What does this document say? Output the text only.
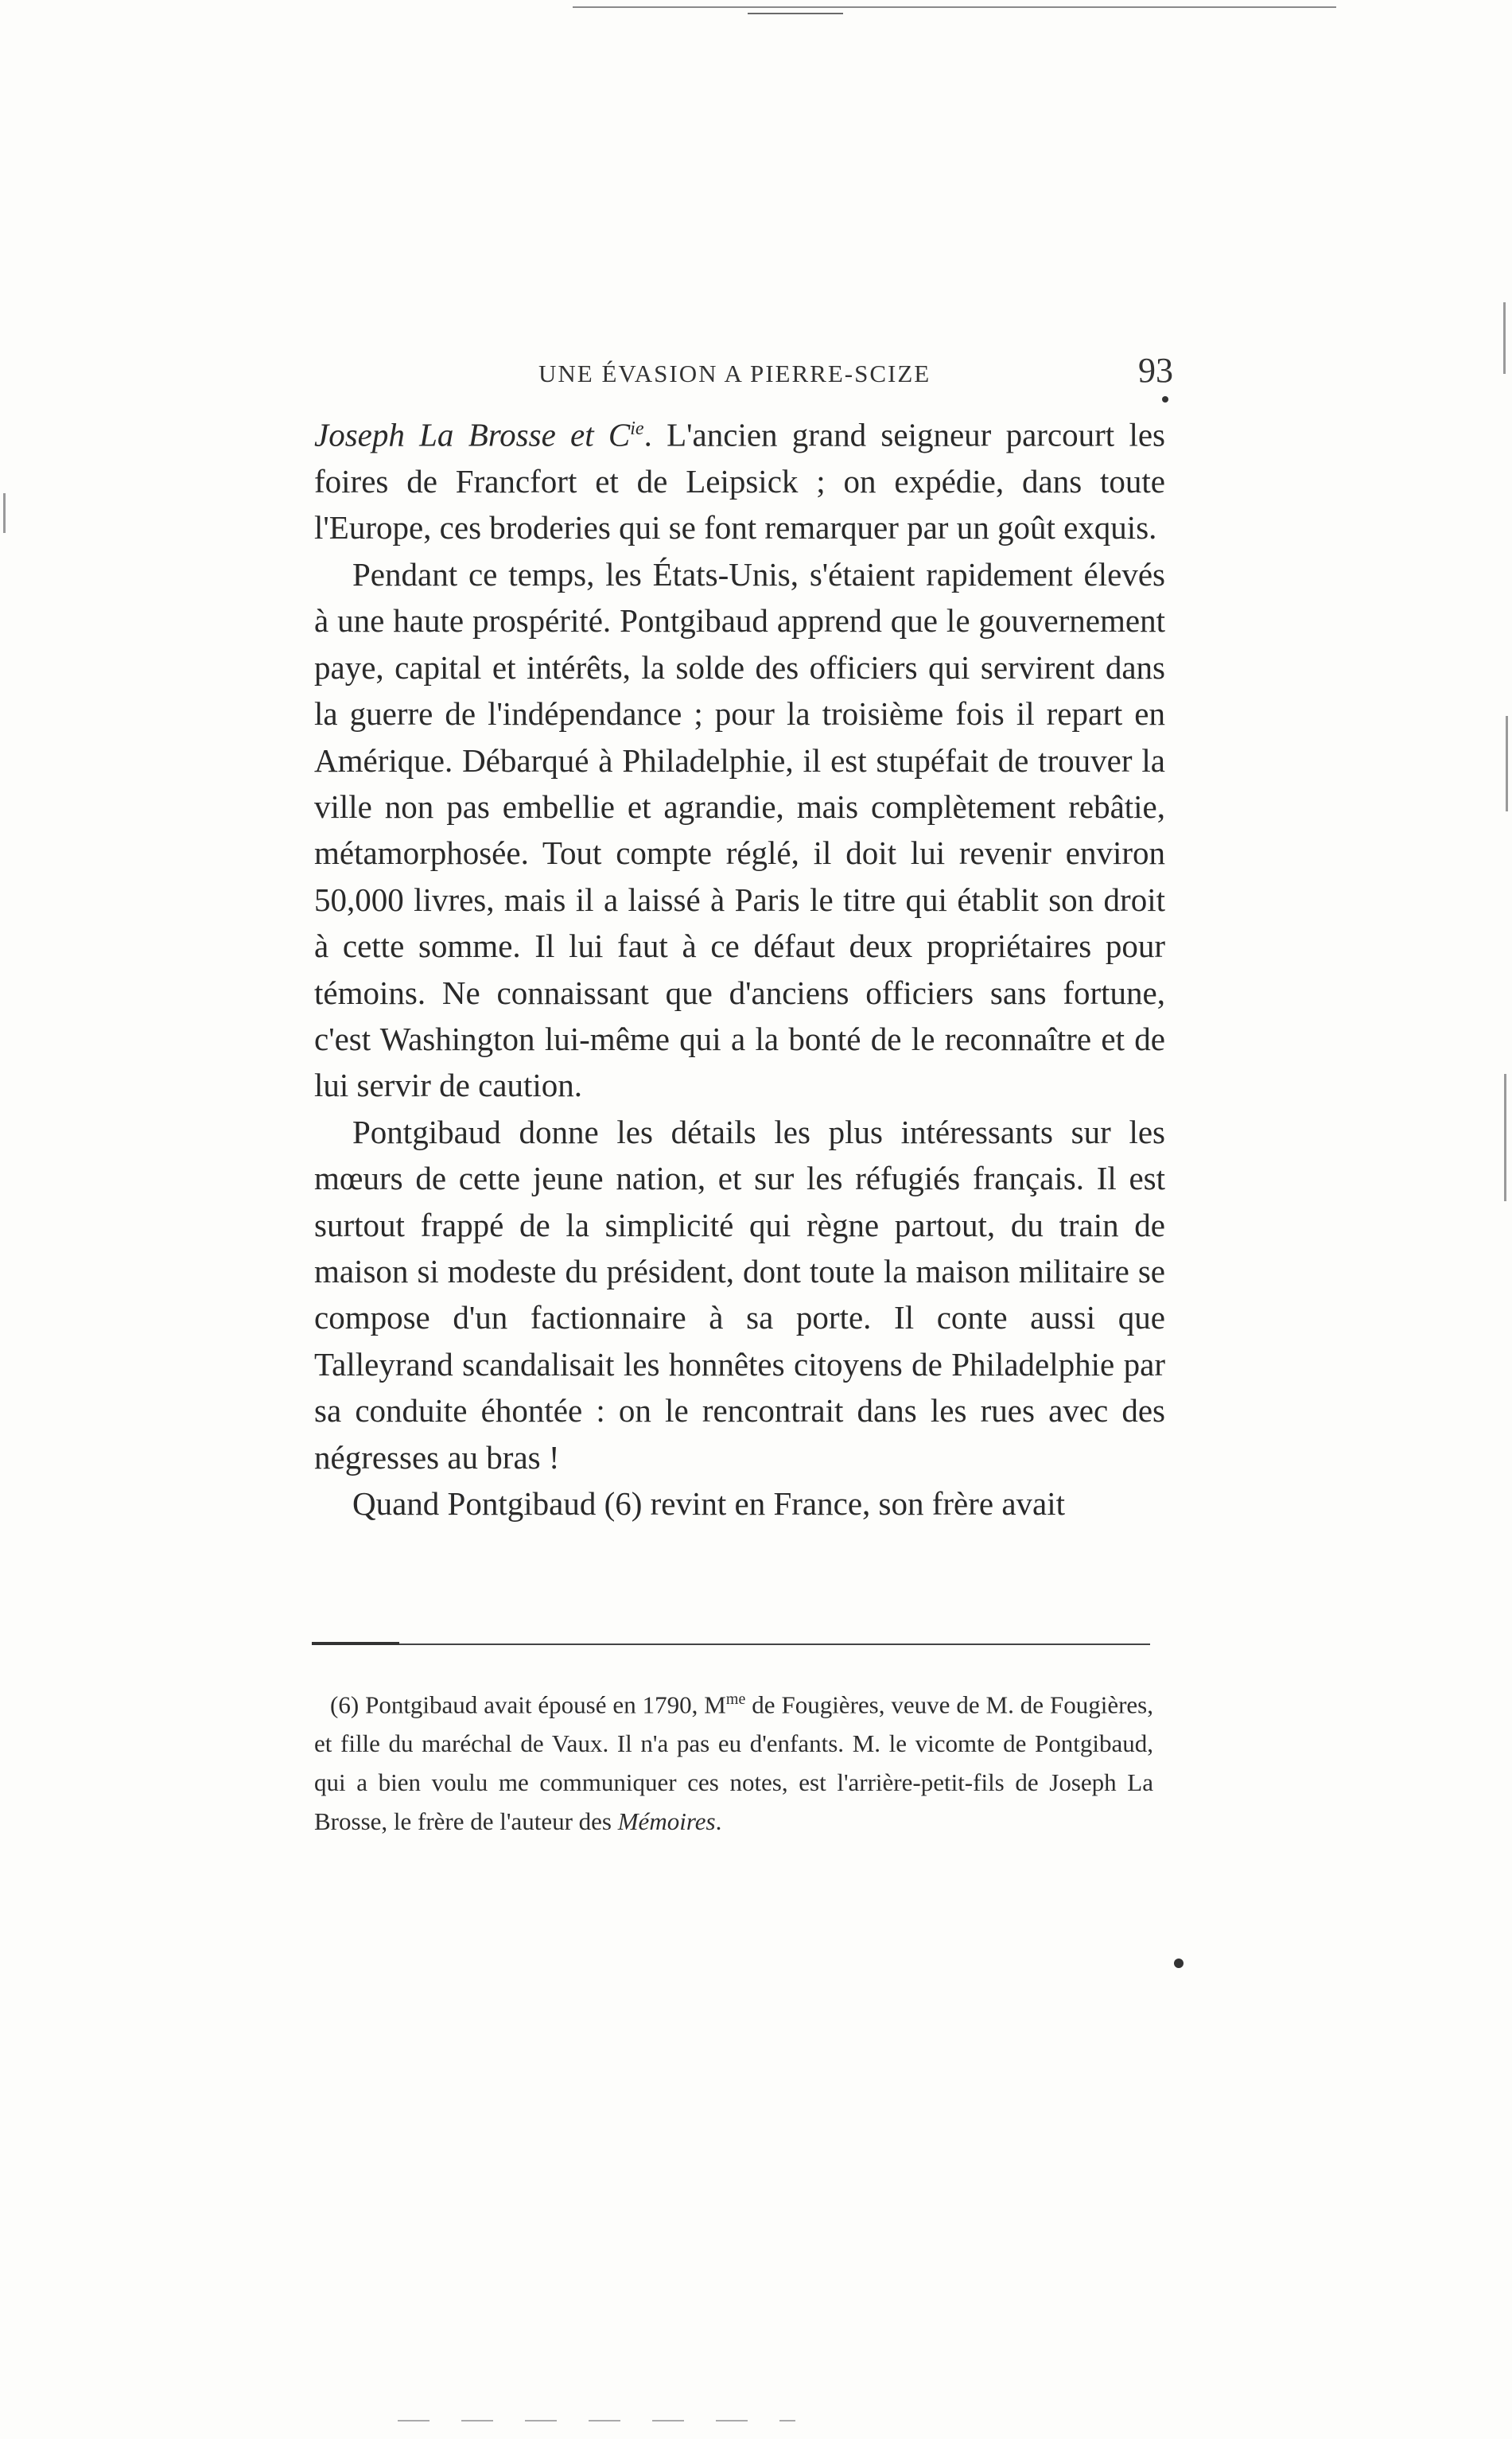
UNE ÉVASION A PIERRE-SCIZE	93

Joseph La Brosse et $C^{ie}$. L'ancien grand seigneur parcourt les foires de Francfort et de Leipsick ; on expédie, dans toute l'Europe, ces broderies qui se font remarquer par un goût exquis.

Pendant ce temps, les États-Unis, s'étaient rapidement élevés à une haute prospérité. Pontgibaud apprend que le gouvernement paye, capital et intérêts, la solde des officiers qui servirent dans la guerre de l'indépendance ; pour la troisième fois il repart en Amérique. Débarqué à Philadelphie, il est stupéfait de trouver la ville non pas embellie et agrandie, mais complètement rebâtie, métamorphosée. Tout compte réglé, il doit lui revenir environ 50,000 livres, mais il a laissé à Paris le titre qui établit son droit à cette somme. Il lui faut à ce défaut deux propriétaires pour témoins. Ne connaissant que d'anciens officiers sans fortune, c'est Washington lui-même qui a la bonté de le reconnaître et de lui servir de caution.

Pontgibaud donne les détails les plus intéressants sur les mœurs de cette jeune nation, et sur les réfugiés français. Il est surtout frappé de la simplicité qui règne partout, du train de maison si modeste du président, dont toute la maison militaire se compose d'un factionnaire à sa porte. Il conte aussi que Talleyrand scandalisait les honnêtes citoyens de Philadelphie par sa conduite éhontée : on le rencontrait dans les rues avec des négresses au bras !

Quand Pontgibaud (6) revint en France, son frère avait

(6) Pontgibaud avait épousé en 1790, $M^{me}$ de Fougières, veuve de M. de Fougières, et fille du maréchal de Vaux. Il n'a pas eu d'enfants. M. le vicomte de Pontgibaud, qui a bien voulu me communiquer ces notes, est l'arrière-petit-fils de Joseph La Brosse, le frère de l'auteur des Mémoires.
